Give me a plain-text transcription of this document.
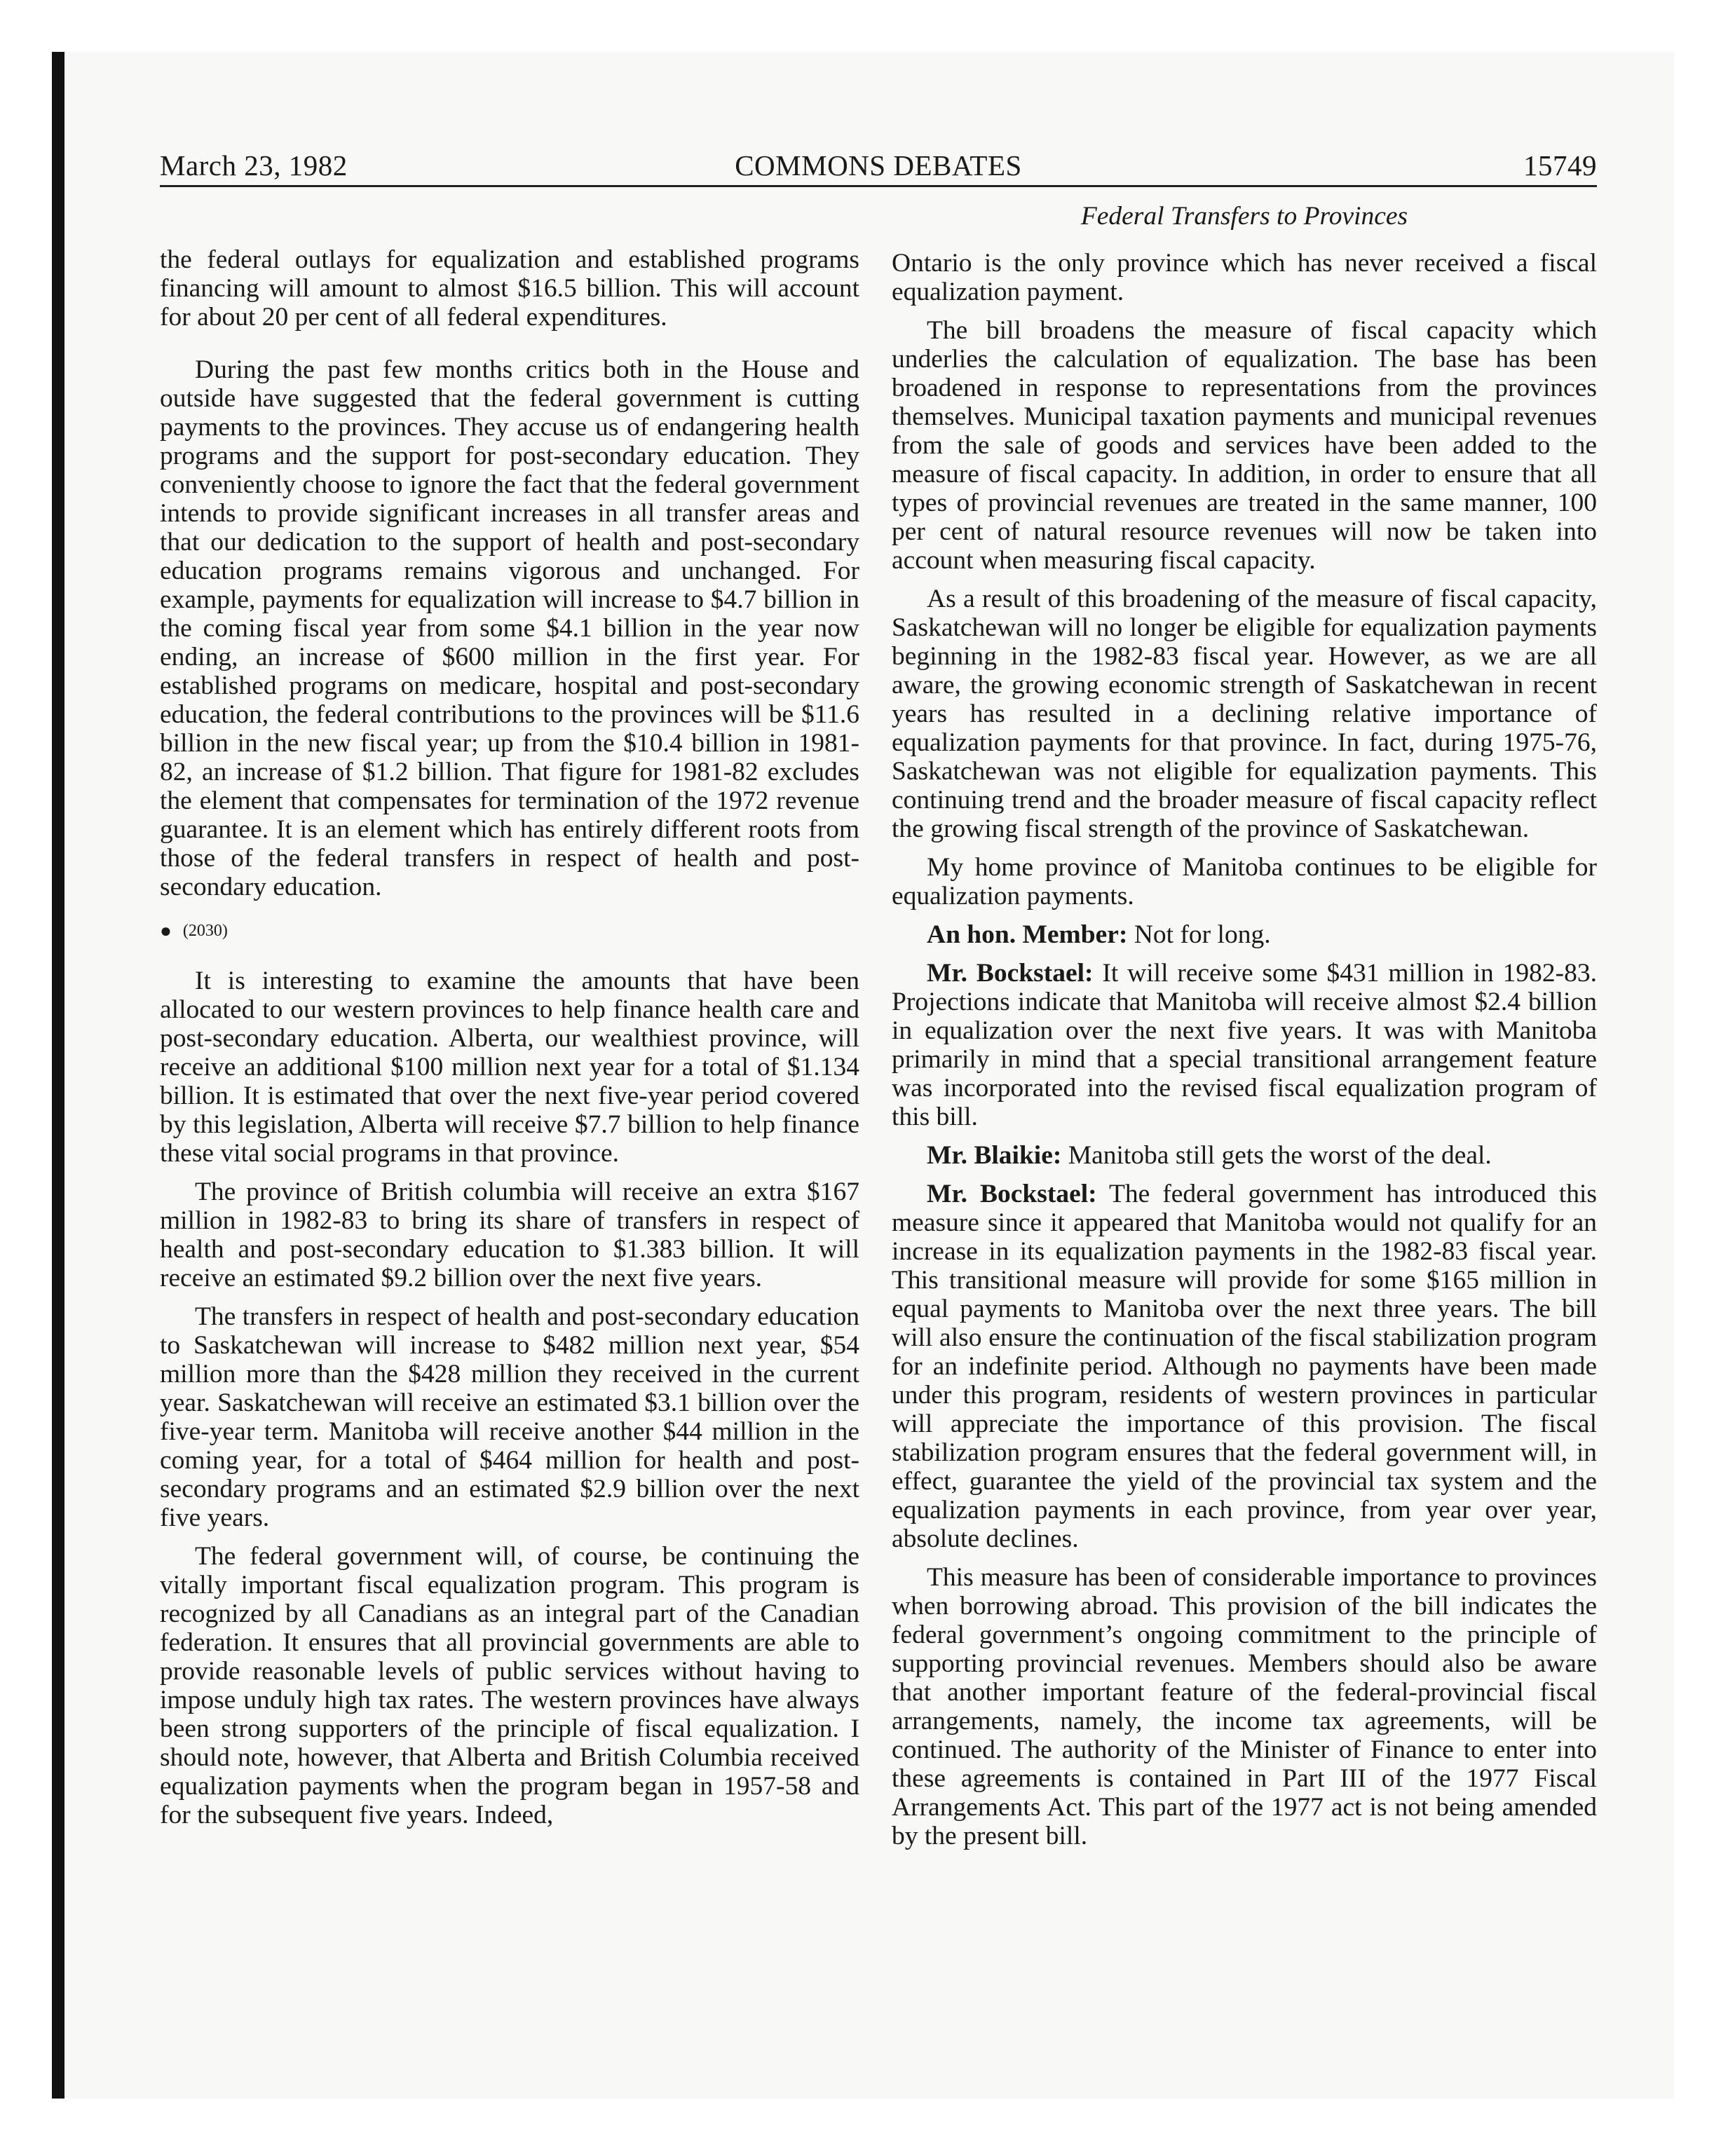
March 23, 1982	COMMONS DEBATES	15749

the federal outlays for equalization and established programs financing will amount to almost $16.5 billion. This will account for about 20 per cent of all federal expenditures.

During the past few months critics both in the House and outside have suggested that the federal government is cutting payments to the provinces. They accuse us of endangering health programs and the support for post-secondary education. They conveniently choose to ignore the fact that the federal government intends to provide significant increases in all transfer areas and that our dedication to the support of health and post-secondary education programs remains vigorous and unchanged. For example, payments for equalization will increase to $4.7 billion in the coming fiscal year from some $4.1 billion in the year now ending, an increase of $600 million in the first year. For established programs on medicare, hospital and post-secondary education, the federal contributions to the provinces will be $11.6 billion in the new fiscal year; up from the $10.4 billion in 1981-82, an increase of $1.2 billion. That figure for 1981-82 excludes the element that compensates for termination of the 1972 revenue guarantee. It is an element which has entirely different roots from those of the federal transfers in respect of health and post-secondary education.

● (2030)

It is interesting to examine the amounts that have been allocated to our western provinces to help finance health care and post-secondary education. Alberta, our wealthiest province, will receive an additional $100 million next year for a total of $1.134 billion. It is estimated that over the next five-year period covered by this legislation, Alberta will receive $7.7 billion to help finance these vital social programs in that province.

The province of British columbia will receive an extra $167 million in 1982-83 to bring its share of transfers in respect of health and post-secondary education to $1.383 billion. It will receive an estimated $9.2 billion over the next five years.

The transfers in respect of health and post-secondary education to Saskatchewan will increase to $482 million next year, $54 million more than the $428 million they received in the current year. Saskatchewan will receive an estimated $3.1 billion over the five-year term. Manitoba will receive another $44 million in the coming year, for a total of $464 million for health and post-secondary programs and an estimated $2.9 billion over the next five years.

The federal government will, of course, be continuing the vitally important fiscal equalization program. This program is recognized by all Canadians as an integral part of the Canadian federation. It ensures that all provincial governments are able to provide reasonable levels of public services without having to impose unduly high tax rates. The western provinces have always been strong supporters of the principle of fiscal equalization. I should note, however, that Alberta and British Columbia received equalization payments when the program began in 1957-58 and for the subsequent five years. Indeed,

Federal Transfers to Provinces

Ontario is the only province which has never received a fiscal equalization payment.

The bill broadens the measure of fiscal capacity which underlies the calculation of equalization. The base has been broadened in response to representations from the provinces themselves. Municipal taxation payments and municipal revenues from the sale of goods and services have been added to the measure of fiscal capacity. In addition, in order to ensure that all types of provincial revenues are treated in the same manner, 100 per cent of natural resource revenues will now be taken into account when measuring fiscal capacity.

As a result of this broadening of the measure of fiscal capacity, Saskatchewan will no longer be eligible for equalization payments beginning in the 1982-83 fiscal year. However, as we are all aware, the growing economic strength of Saskatchewan in recent years has resulted in a declining relative importance of equalization payments for that province. In fact, during 1975-76, Saskatchewan was not eligible for equalization payments. This continuing trend and the broader measure of fiscal capacity reflect the growing fiscal strength of the province of Saskatchewan.

My home province of Manitoba continues to be eligible for equalization payments.

An hon. Member: Not for long.

Mr. Bockstael: It will receive some $431 million in 1982-83. Projections indicate that Manitoba will receive almost $2.4 billion in equalization over the next five years. It was with Manitoba primarily in mind that a special transitional arrangement feature was incorporated into the revised fiscal equalization program of this bill.

Mr. Blaikie: Manitoba still gets the worst of the deal.

Mr. Bockstael: The federal government has introduced this measure since it appeared that Manitoba would not qualify for an increase in its equalization payments in the 1982-83 fiscal year. This transitional measure will provide for some $165 million in equal payments to Manitoba over the next three years. The bill will also ensure the continuation of the fiscal stabilization program for an indefinite period. Although no payments have been made under this program, residents of western provinces in particular will appreciate the importance of this provision. The fiscal stabilization program ensures that the federal government will, in effect, guarantee the yield of the provincial tax system and the equalization payments in each province, from year over year, absolute declines.

This measure has been of considerable importance to provinces when borrowing abroad. This provision of the bill indicates the federal government’s ongoing commitment to the principle of supporting provincial revenues. Members should also be aware that another important feature of the federal-provincial fiscal arrangements, namely, the income tax agreements, will be continued. The authority of the Minister of Finance to enter into these agreements is contained in Part III of the 1977 Fiscal Arrangements Act. This part of the 1977 act is not being amended by the present bill.
